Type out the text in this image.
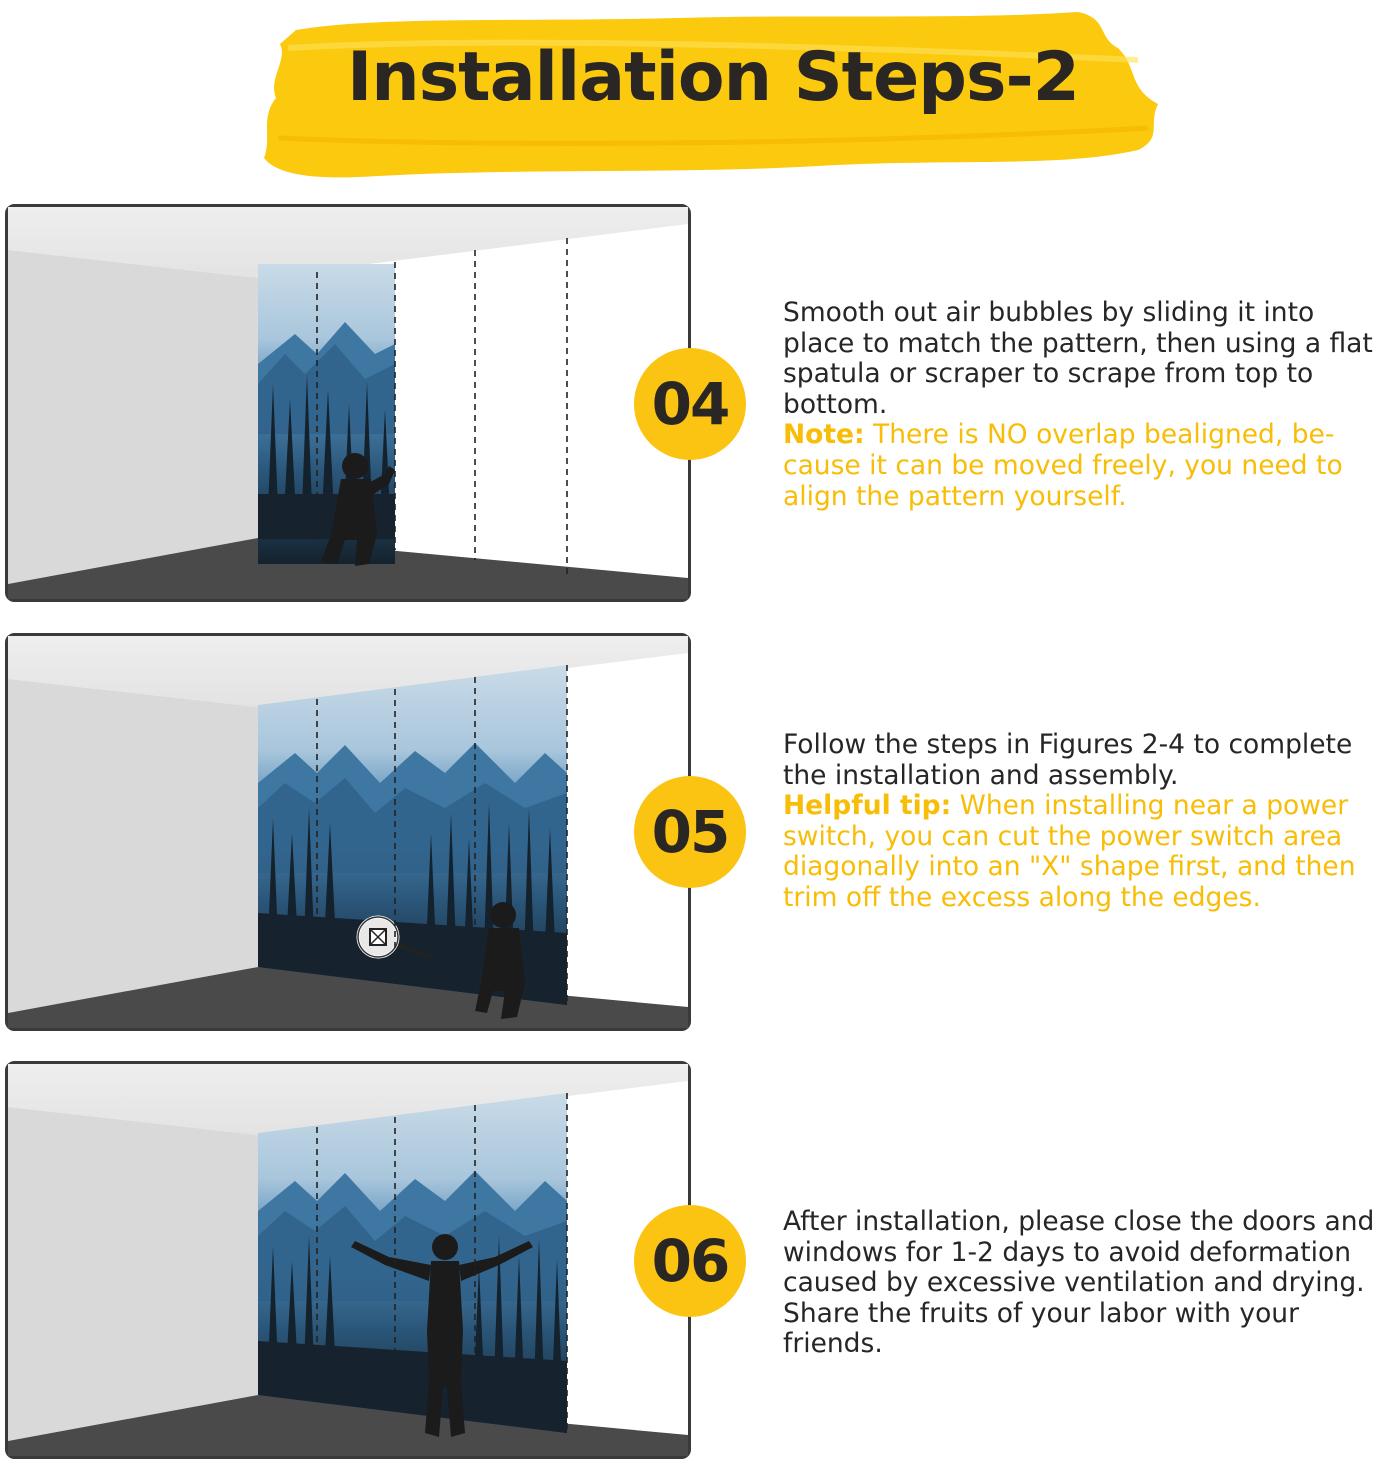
Installation Steps-2
04

Smooth out air bubbles by sliding it into place to match the pattern, then using a flat spatula or scraper to scrape from top to bottom.

Note: There is NO overlap bealigned, be-cause it can be moved freely, you need to align the pattern yourself.

05

Follow the steps in Figures 2-4 to complete the installation and assembly.

Helpful tip: When installing near a power switch, you can cut the power switch area diagonally into an "X" shape first, and then trim off the excess along the edges.

06

After installation, please close the doors and windows for 1-2 days to avoid deformation caused by excessive ventilation and drying.

Share the fruits of your labor with your friends.
